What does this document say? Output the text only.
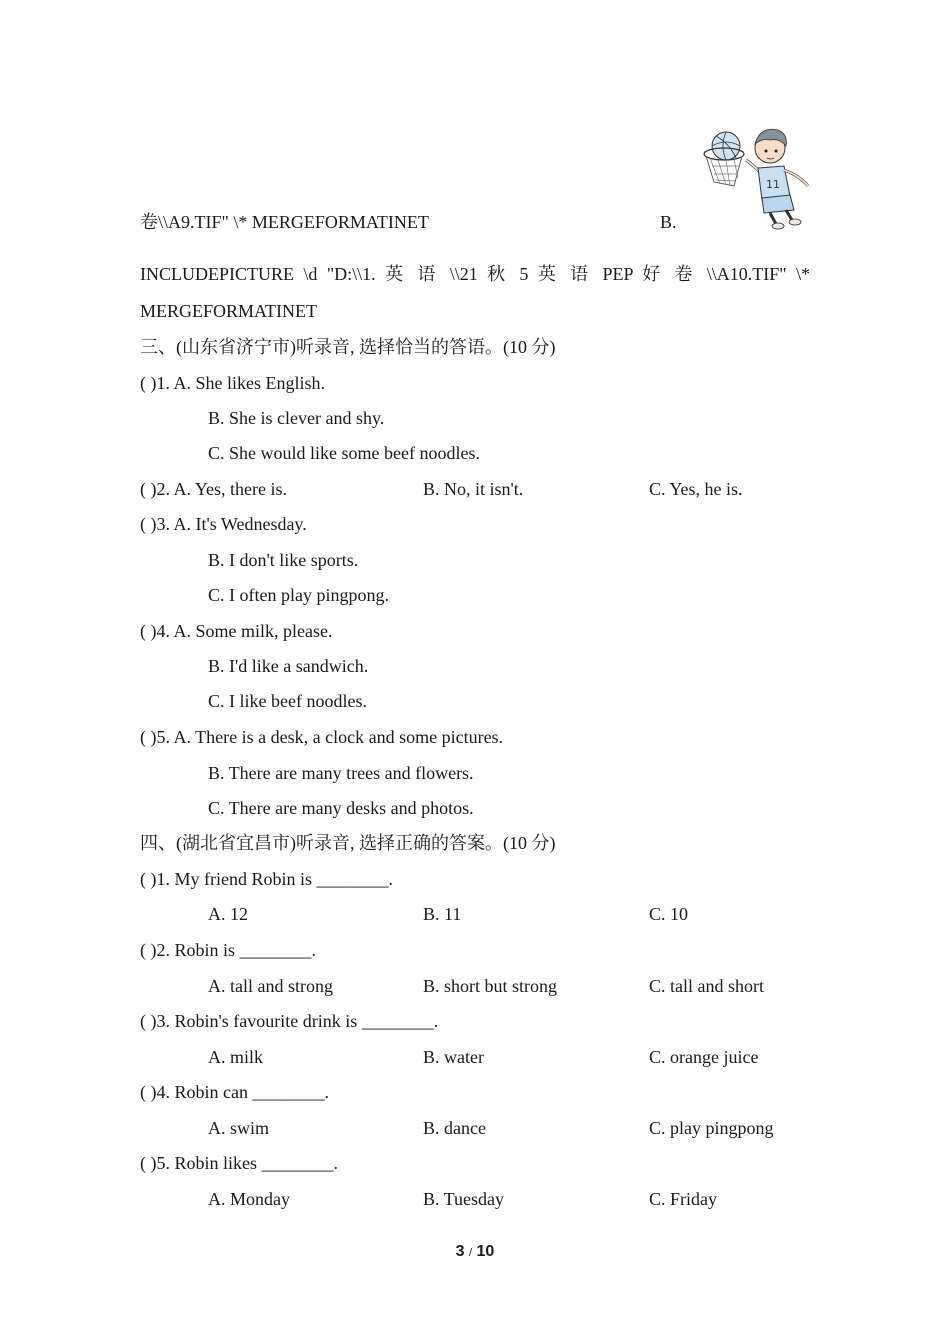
卷\\A9.TIF" \* MERGEFORMATINET	B.
11
INCLUDEPICTURE \d "D:\\1. 英 语 \\21 秋 5 英 语 PEP 好 卷 \\A10.TIF" \*
MERGEFORMATINET
三、(山东省济宁市)听录音, 选择恰当的答语。(10 分)
( )1. A. She likes English.
B. She is clever and shy.
C. She would like some beef noodles.
( )2. A. Yes, there is.	B. No, it isn't.	C. Yes, he is.
( )3. A. It's Wednesday.
B. I don't like sports.
C. I often play pingpong.
( )4. A. Some milk, please.
B. I'd like a sandwich.
C. I like beef noodles.
( )5. A. There is a desk, a clock and some pictures.
B. There are many trees and flowers.
C. There are many desks and photos.
四、(湖北省宜昌市)听录音, 选择正确的答案。(10 分)
( )1. My friend Robin is ________.
A. 12	B. 11	C. 10
( )2. Robin is ________.
A. tall and strong	B. short but strong	C. tall and short
( )3. Robin's favourite drink is ________.
A. milk	B. water	C. orange juice
( )4. Robin can ________.
A. swim	B. dance	C. play pingpong
( )5. Robin likes ________.
A. Monday	B. Tuesday	C. Friday
3 / 10
